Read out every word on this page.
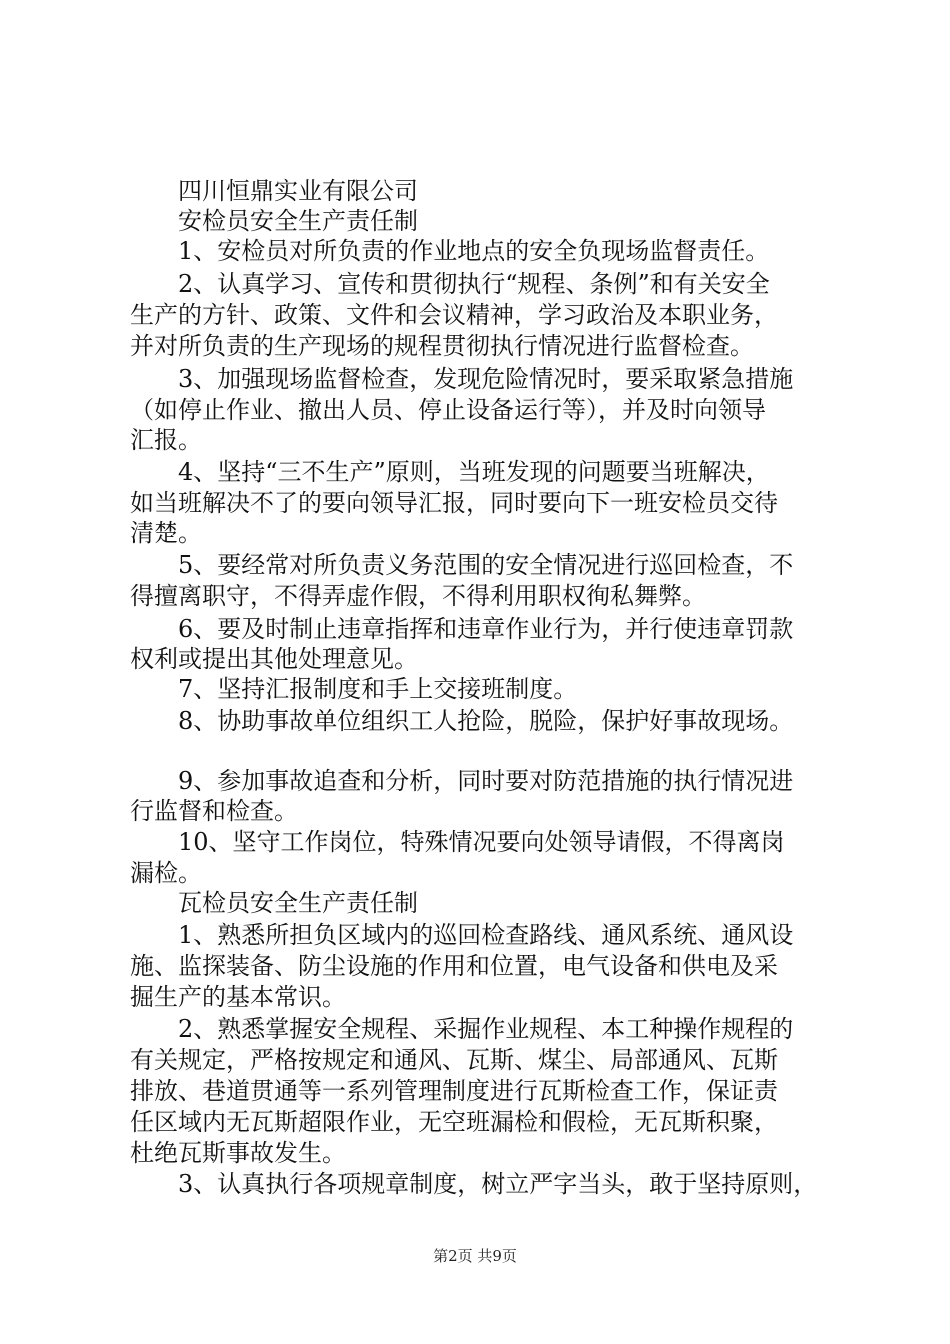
四川恒鼎实业有限公司
安检员安全生产责任制
1、安检员对所负责的作业地点的安全负现场监督责任。
2、认真学习、宣传和贯彻执行“规程、条例”和有关安全
生产的方针、政策、文件和会议精神，学习政治及本职业务，
并对所负责的生产现场的规程贯彻执行情况进行监督检查。
3、加强现场监督检查，发现危险情况时，要采取紧急措施
（如停止作业、撤出人员、停止设备运行等），并及时向领导
汇报。
4、坚持“三不生产”原则，当班发现的问题要当班解决，
如当班解决不了的要向领导汇报，同时要向下一班安检员交待
清楚。
5、要经常对所负责义务范围的安全情况进行巡回检查，不
得擅离职守，不得弄虚作假，不得利用职权徇私舞弊。
6、要及时制止违章指挥和违章作业行为，并行使违章罚款
权利或提出其他处理意见。
7、坚持汇报制度和手上交接班制度。
8、协助事故单位组织工人抢险，脱险，保护好事故现场。
9、参加事故追查和分析，同时要对防范措施的执行情况进
行监督和检查。
10、坚守工作岗位，特殊情况要向处领导请假，不得离岗
漏检。
瓦检员安全生产责任制
1、熟悉所担负区域内的巡回检查路线、通风系统、通风设
施、监探装备、防尘设施的作用和位置，电气设备和供电及采
掘生产的基本常识。
2、熟悉掌握安全规程、采掘作业规程、本工种操作规程的
有关规定，严格按规定和通风、瓦斯、煤尘、局部通风、瓦斯
排放、巷道贯通等一系列管理制度进行瓦斯检查工作，保证责
任区域内无瓦斯超限作业，无空班漏检和假检，无瓦斯积聚，
杜绝瓦斯事故发生。
3、认真执行各项规章制度，树立严字当头，敢于坚持原则，
第2页 共9页
